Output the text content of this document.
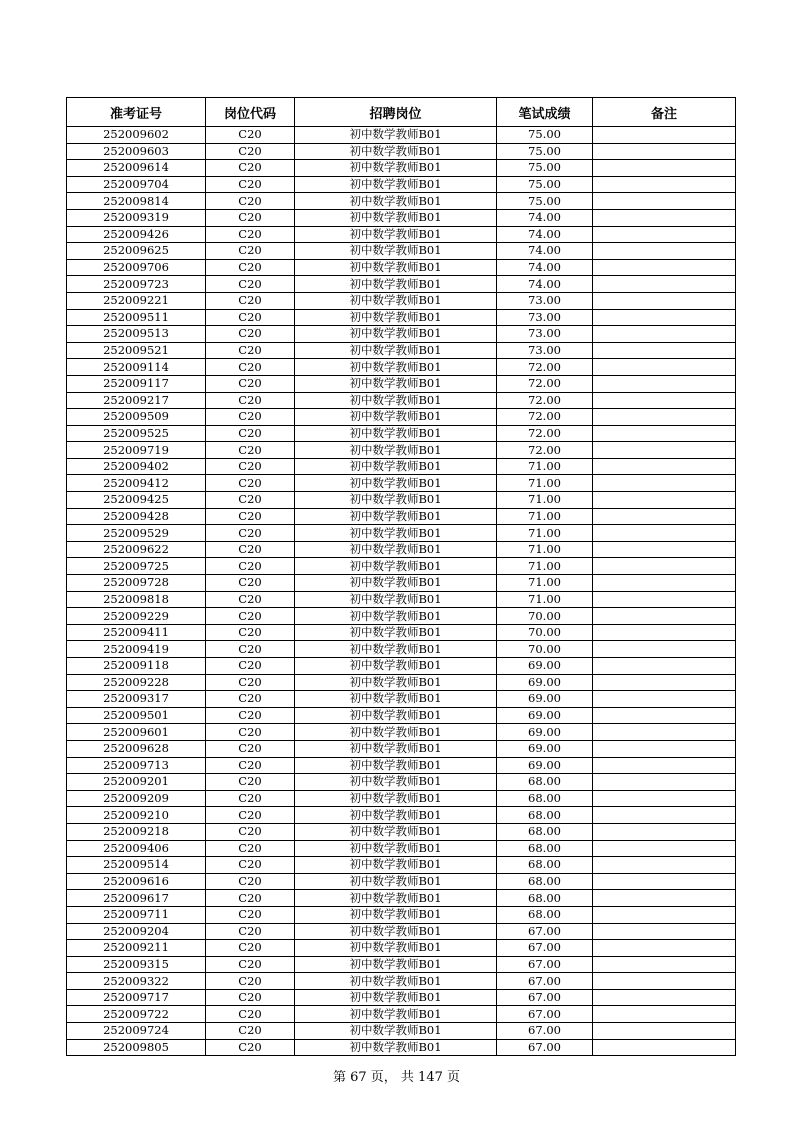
准考证号	岗位代码	招聘岗位	笔试成绩	备注
252009602	C20	初中数学教师B01	75.00	
252009603	C20	初中数学教师B01	75.00	
252009614	C20	初中数学教师B01	75.00	
252009704	C20	初中数学教师B01	75.00	
252009814	C20	初中数学教师B01	75.00	
252009319	C20	初中数学教师B01	74.00	
252009426	C20	初中数学教师B01	74.00	
252009625	C20	初中数学教师B01	74.00	
252009706	C20	初中数学教师B01	74.00	
252009723	C20	初中数学教师B01	74.00	
252009221	C20	初中数学教师B01	73.00	
252009511	C20	初中数学教师B01	73.00	
252009513	C20	初中数学教师B01	73.00	
252009521	C20	初中数学教师B01	73.00	
252009114	C20	初中数学教师B01	72.00	
252009117	C20	初中数学教师B01	72.00	
252009217	C20	初中数学教师B01	72.00	
252009509	C20	初中数学教师B01	72.00	
252009525	C20	初中数学教师B01	72.00	
252009719	C20	初中数学教师B01	72.00	
252009402	C20	初中数学教师B01	71.00	
252009412	C20	初中数学教师B01	71.00	
252009425	C20	初中数学教师B01	71.00	
252009428	C20	初中数学教师B01	71.00	
252009529	C20	初中数学教师B01	71.00	
252009622	C20	初中数学教师B01	71.00	
252009725	C20	初中数学教师B01	71.00	
252009728	C20	初中数学教师B01	71.00	
252009818	C20	初中数学教师B01	71.00	
252009229	C20	初中数学教师B01	70.00	
252009411	C20	初中数学教师B01	70.00	
252009419	C20	初中数学教师B01	70.00	
252009118	C20	初中数学教师B01	69.00	
252009228	C20	初中数学教师B01	69.00	
252009317	C20	初中数学教师B01	69.00	
252009501	C20	初中数学教师B01	69.00	
252009601	C20	初中数学教师B01	69.00	
252009628	C20	初中数学教师B01	69.00	
252009713	C20	初中数学教师B01	69.00	
252009201	C20	初中数学教师B01	68.00	
252009209	C20	初中数学教师B01	68.00	
252009210	C20	初中数学教师B01	68.00	
252009218	C20	初中数学教师B01	68.00	
252009406	C20	初中数学教师B01	68.00	
252009514	C20	初中数学教师B01	68.00	
252009616	C20	初中数学教师B01	68.00	
252009617	C20	初中数学教师B01	68.00	
252009711	C20	初中数学教师B01	68.00	
252009204	C20	初中数学教师B01	67.00	
252009211	C20	初中数学教师B01	67.00	
252009315	C20	初中数学教师B01	67.00	
252009322	C20	初中数学教师B01	67.00	
252009717	C20	初中数学教师B01	67.00	
252009722	C20	初中数学教师B01	67.00	
252009724	C20	初中数学教师B01	67.00	
252009805	C20	初中数学教师B01	67.00	
第 67 页， 共 147 页
